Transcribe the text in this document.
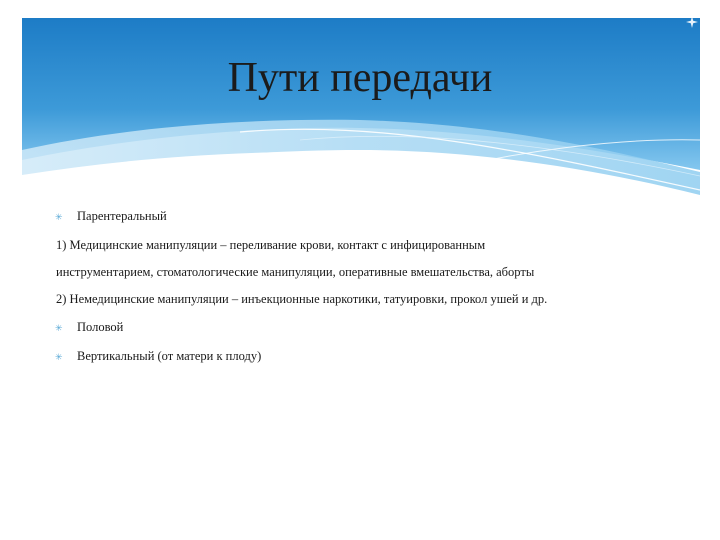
Пути передачи
✳ Парентеральный
1) Медицинские манипуляции – переливание крови, контакт с инфицированным
инструментарием, стоматологические манипуляции, оперативные вмешательства, аборты
2) Немедицинские манипуляции – инъекционные наркотики, татуировки, прокол ушей и др.
✳ Половой
✳ Вертикальный (от матери к плоду)
